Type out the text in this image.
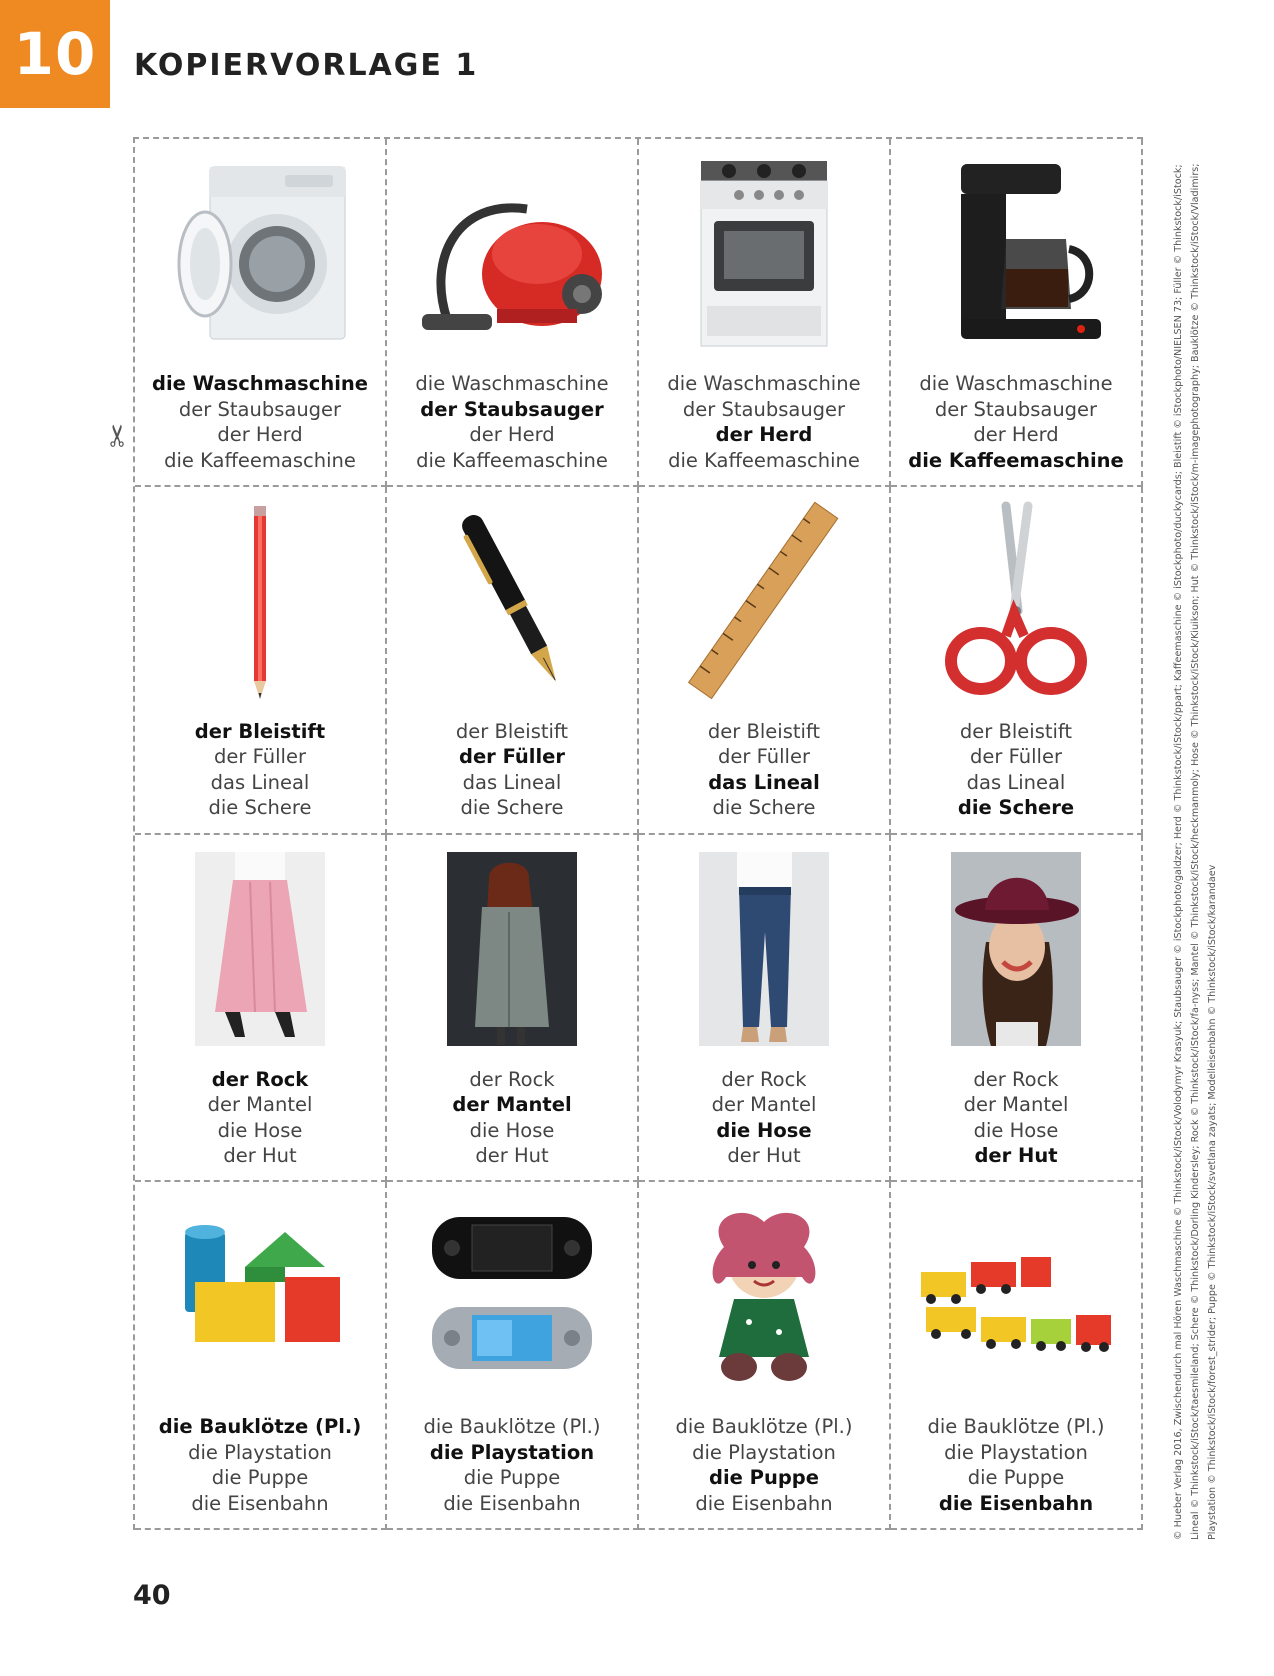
10 KOPIERVORLAGE 1
✂
die Waschmaschine
der Staubsauger
der Herd
die Kaffeemaschine
die Waschmaschine
der Staubsauger
der Herd
die Kaffeemaschine
die Waschmaschine
der Staubsauger
der Herd
die Kaffeemaschine
die Waschmaschine
der Staubsauger
der Herd
die Kaffeemaschine
der Bleistift
der Füller
das Lineal
die Schere
der Bleistift
der Füller
das Lineal
die Schere
der Bleistift
der Füller
das Lineal
die Schere
der Bleistift
der Füller
das Lineal
die Schere
der Rock
der Mantel
die Hose
der Hut
der Rock
der Mantel
die Hose
der Hut
der Rock
der Mantel
die Hose
der Hut
der Rock
der Mantel
die Hose
der Hut
die Bauklötze (Pl.)
die Playstation
die Puppe
die Eisenbahn
die Bauklötze (Pl.)
die Playstation
die Puppe
die Eisenbahn
die Bauklötze (Pl.)
die Playstation
die Puppe
die Eisenbahn
die Bauklötze (Pl.)
die Playstation
die Puppe
die Eisenbahn
40
© Hueber Verlag 2016, Zwischendurch mal Hören Waschmaschine © Thinkstock/iStock/Volodymyr Krasyuk; Staubsauger © iStockphoto/galdzer; Herd © Thinkstock/iStock/ppart; Kaffeemaschine © iStockphoto/duckycards; Bleistift © iStockphoto/NIELSEN 73; Füller © Thinkstock/iStock; Lineal © Thinkstock/iStock/taesmileland; Schere © Thinkstock/Dorling Kindersley; Rock © Thinkstock/iStock/fa-nyss; Mantel © Thinkstock/iStock/heckmanmoly; Hose © Thinkstock/iStock/Kiuikson; Hut © Thinkstock/iStock/m-imagephotography; Bauklötze © Thinkstock/iStock/Vladimirs; Playstation © Thinkstock/iStock/forest_strider; Puppe © Thinkstock/iStock/svetlana zayats; Modelleisenbahn © Thinkstock/iStock/karandaev
